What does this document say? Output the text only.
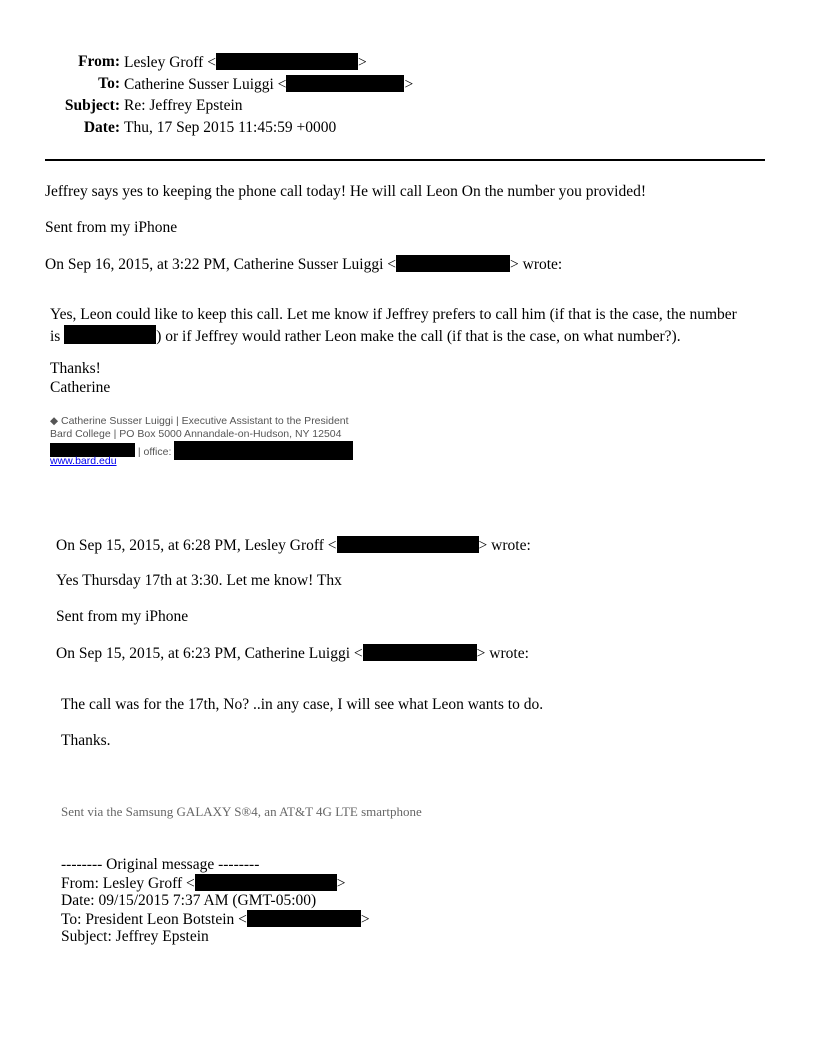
From: Lesley Groff <	>
To: Catherine Susser Luiggi <	>
Subject: Re: Jeffrey Epstein
Date: Thu, 17 Sep 2015 11:45:59 +0000
Jeffrey says yes to keeping the phone call today! He will call Leon On the number you provided!
Sent from my iPhone
On Sep 16, 2015, at 3:22 PM, Catherine Susser Luiggi <	> wrote:
Yes, Leon could like to keep this call. Let me know if Jeffrey prefers to call him (if that is the case, the number
is	) or if Jeffrey would rather Leon make the call (if that is the case, on what number?).
Thanks!
Catherine
◆ Catherine Susser Luiggi | Executive Assistant to the President
Bard College | PO Box 5000 Annandale-on-Hudson, NY 12504
| office:
www.bard.edu
On Sep 15, 2015, at 6:28 PM, Lesley Groff <	> wrote:
Yes Thursday 17th at 3:30. Let me know! Thx
Sent from my iPhone
On Sep 15, 2015, at 6:23 PM, Catherine Luiggi <	> wrote:
The call was for the 17th, No? ..in any case, I will see what Leon wants to do.
Thanks.
Sent via the Samsung GALAXY S®4, an AT&T 4G LTE smartphone
-------- Original message --------
From: Lesley Groff <	>
Date: 09/15/2015 7:37 AM (GMT-05:00)
To: President Leon Botstein <	>
Subject: Jeffrey Epstein
